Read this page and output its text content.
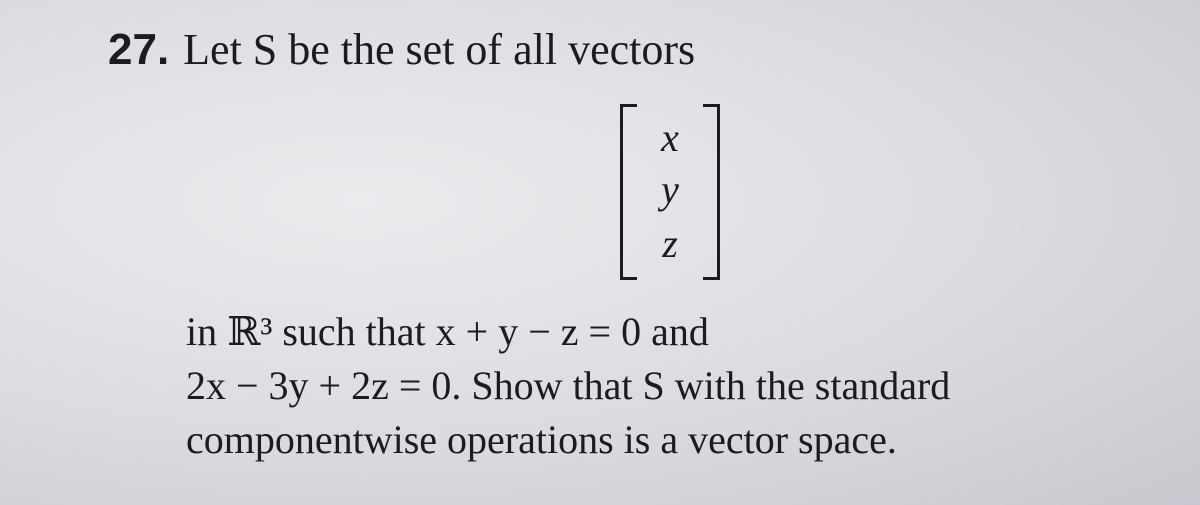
27. Let S be the set of all vectors
x
y
z
in ℝ³ such that x + y − z = 0 and
2x − 3y + 2z = 0. Show that S with the standard
componentwise operations is a vector space.
